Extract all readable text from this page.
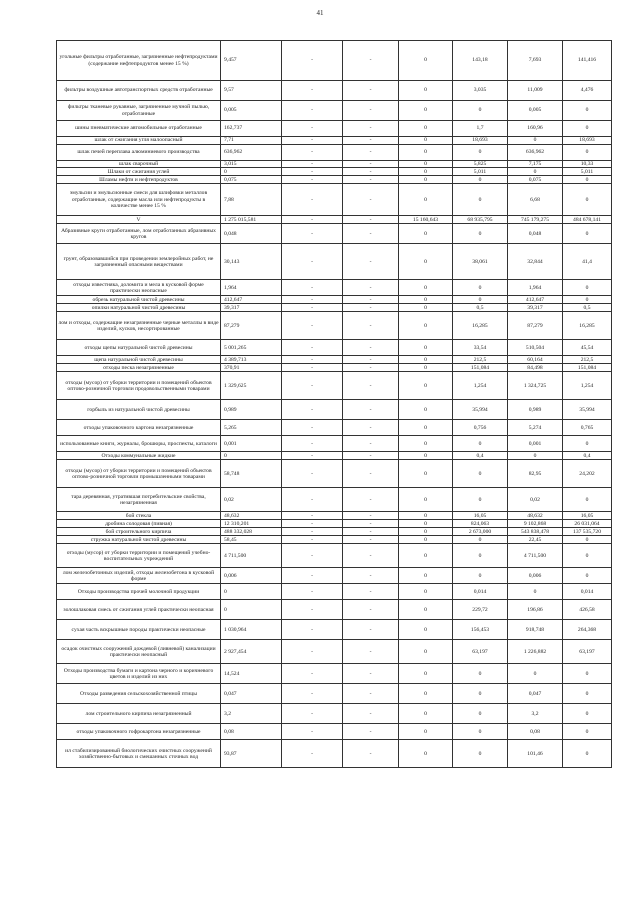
41
угольные фильтры отработанные, загрязненные нефтепродуктами (содержание нефтепродуктов менее 15 %)	9,457	-	-	0	143,18	7,693	141,416
фильтры воздушные автотранспортных средств отработанные	9,57	-	-	0	3,035	11,009	4,476
фильтры тканевые рукавные, загрязненные мучной пылью, отработанные	0,005	-	-	0	0	0,005	0
шины пневматические автомобильные отработанные	162,737	-	-	0	1,7	160,96	0
шлак от сжигания угля малоопасный	7,71	-	-	0	18,693	0	18,693
шлак печей переплава алюминиевого производства	636,962	-	-	0	0	636,962	0
шлак сварочный	3,015	-	-	0	5,825	7,175	10,33
Шлаки от сжигания углей	0	-	-	0	5,011	0	5,011
Шламы нефти и нефтепродуктов	0,075	-	-	0	0	0,075	0
эмульсии и эмульсионные смеси для шлифовки металлов отработанные, содержащие масла или нефтепродукты в количестве менее 15 %	7,88	-	-	0	0	6,68	0
V	1 275 015,581	-	-	15 160,643	68 935,795	745 179,275	484 678,141
Абразивные круги отработанные, лом отработанных абразивных кругов	0,048	-	-	0	0	0,048	0
грунт, образовавшийся при проведении землеройных работ, не загрязненный опасными веществами	30,143	-	-	0	38,061	32,844	41,4
отходы известняка, доломита и мела в кусковой форме практически неопасные	1,964	-	-	0	0	1,964	0
обрезь натуральной чистой древесины	412,647	-	-	0	0	412,647	0
опилки натуральной чистой древесины	39,317	-	-	0	0,5	39,317	0,5
лом и отходы, содержащие незагрязненные черные металлы в виде изделий, кусков, несортированные	87,279	-	-	0	16,285	87,279	16,285
отходы щепы натуральной чистой древесины	5 001,265	-	-	0	33,54	510,504	45,54
щепа натуральной чистой древесины	4 389,713	-	-	0	212,5	60,164	212,5
отходы песка незагрязненные	370,91	-	-	0	151,084	84,498	151,084
отходы (мусор) от уборки территории и помещений объектов оптово-розничной торговли продовольственными товарами	1 329,625	-	-	0	1,254	1 324,725	1,254
горбыль из натуральной чистой древесины	0,989	-	-	0	35,994	0,989	35,994
отходы упаковочного картона незагрязненные	5,265	-	-	0	0,756	5,274	0,765
использованные книги, журналы, брошюры, проспекты, каталоги	0,001	-	-	0	0	0,001	0
Отходы коммунальные жидкие	0	-	-	0	0,4	0	0,4
отходы (мусор) от уборки территории и помещений объектов оптово-розничной торговли промышленными товарами	58,748	-	-	0	0	82,95	24,202
тара деревянная, утратившая потребительские свойства, незагрязненная	0,02	-	-	0	0	0,02	0
бой стекла	48,632	-	-	0	16,05	48,632	16,05
дробина солодовая (пивная)	12 310,201	-	-	0	824,063	9 102,868	26 031,064
бой строительного кирпича	488 332,028	-	-	0	2 673,000	543 838,478	137 535,720
стружка натуральной чистой древесины	58,45	-	-	0	0	22,45	0
отходы (мусор) от уборки территории и помещений учебно-воспитательных учреждений	4 711,500	-	-	0	0	4 711,500	0
лом железобетонных изделий, отходы железобетона в кусковой форме	0,006	-	-	0	0	0,006	0
Отходы производства прочей молочной продукции	0	-	-	0	0,014	0	0,014
золошлаковая смесь от сжигания углей практически неопасная	0	-	-	0	229,72	196,86	426,58
сухая часть вскрышные породы практически неопасные	1 030,964	-	-	0	156,453	918,748	264,368
осадок очистных сооружений дождевой (ливневой) канализации практически неопасный	2 927,454	-	-	0	63,197	1 226,882	63,197
Отходы производства бумаги и картона черного и коричневого цветов и изделий из них	14,524	-	-	0	0	0	0
Отходы разведения сельскохозяйственной птицы	0,047	-	-	0	0	0,047	0
лом строительного кирпича незагрязненный	3,2	-	-	0	0	3,2	0
отходы упаковочного гофрокартона незагрязненные	0,08	-	-	0	0	0,08	0
ил стабилизированный биологических очистных сооружений хозяйственно-бытовых и смешанных сточных вод	93,87	-	-	0	0	101,46	0
